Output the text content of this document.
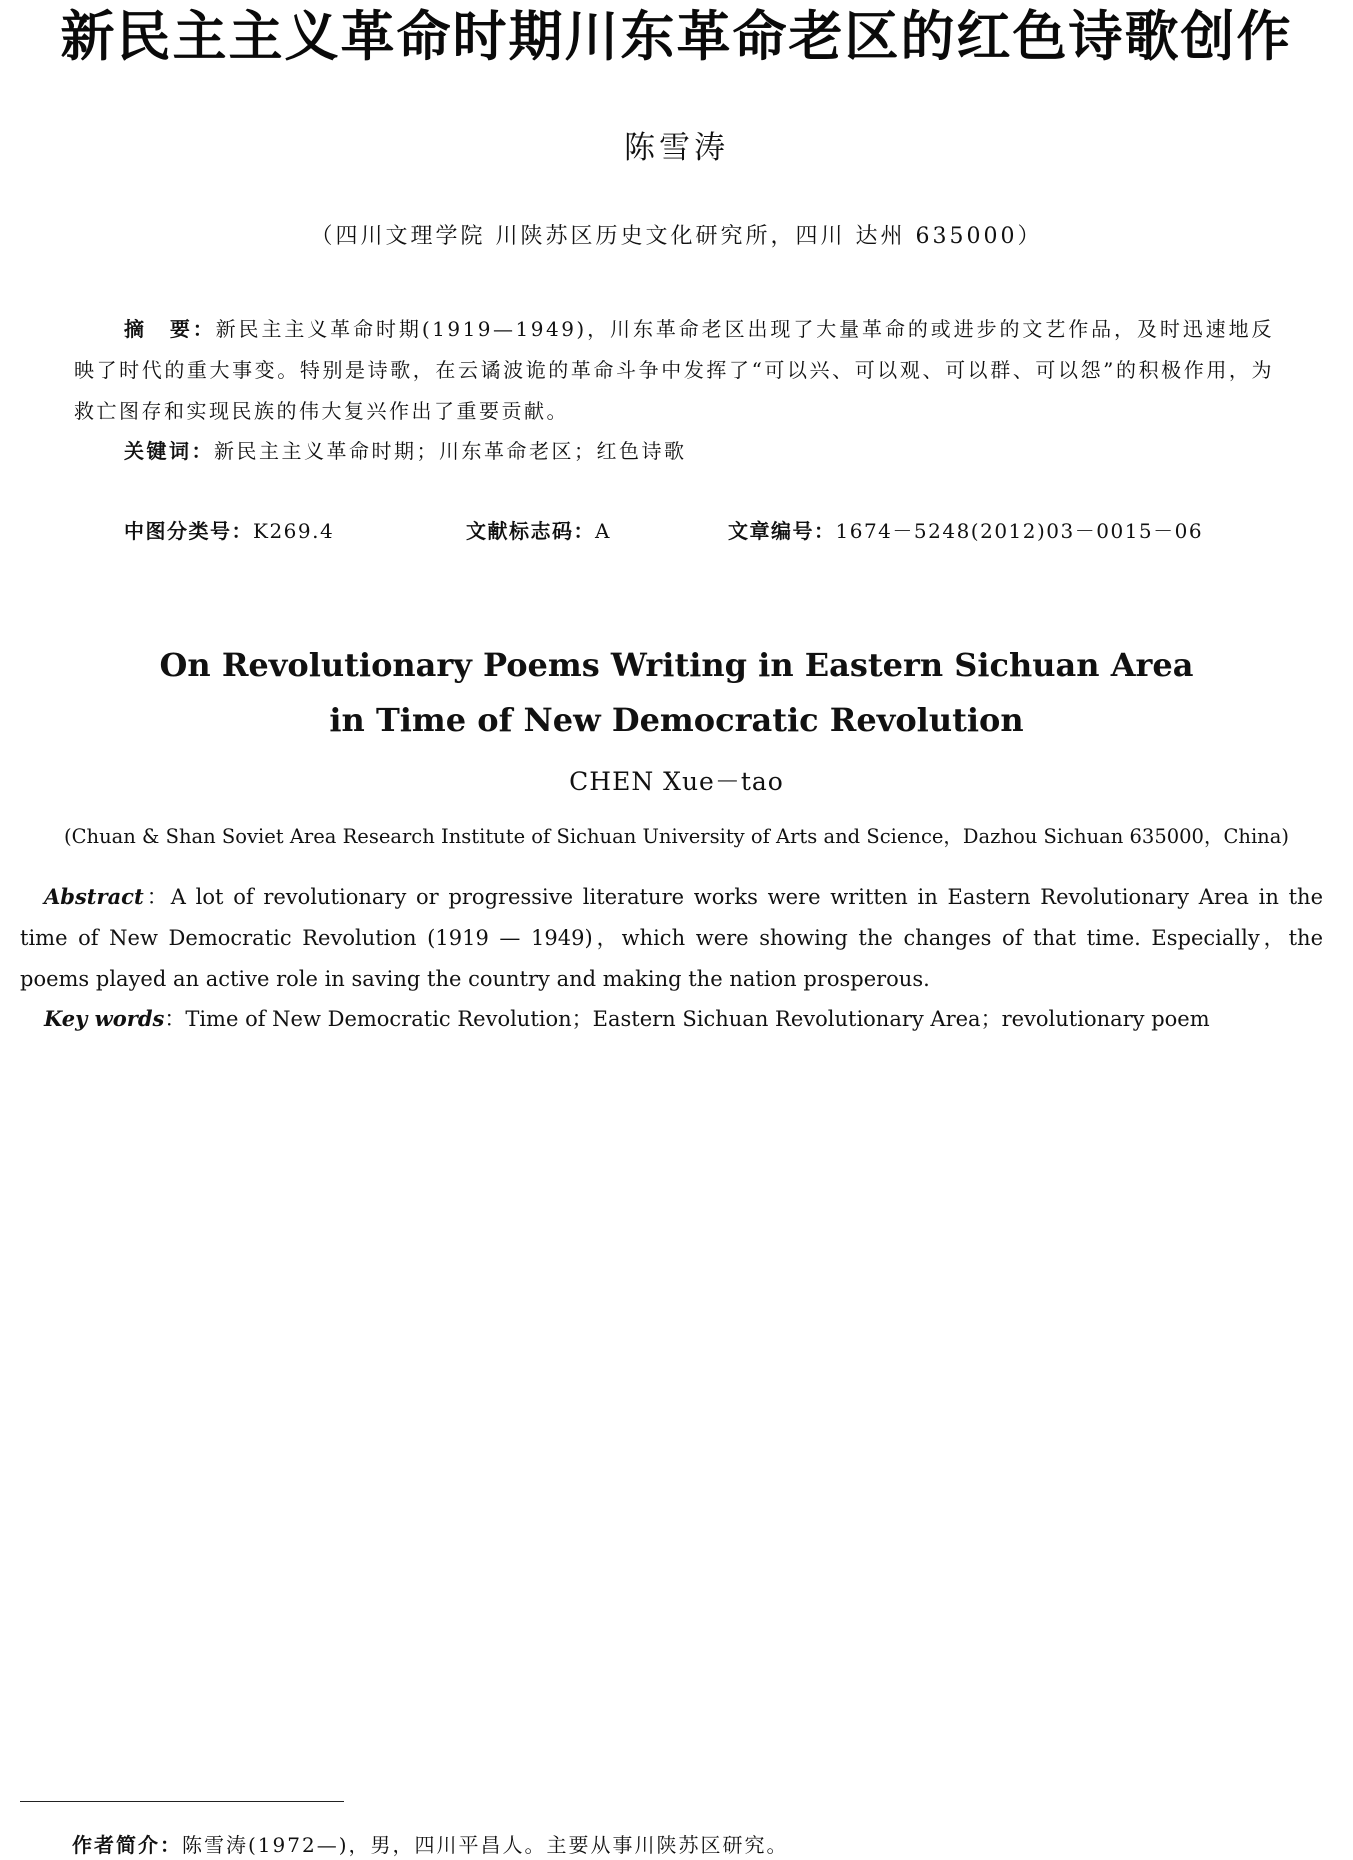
新民主主义革命时期川东革命老区的红色诗歌创作
陈雪涛
（四川文理学院 川陕苏区历史文化研究所，四川 达州 635000）
摘　要：新民主主义革命时期(1919—1949)，川东革命老区出现了大量革命的或进步的文艺作品，及时迅速地反映了时代的重大事变。特别是诗歌，在云谲波诡的革命斗争中发挥了“可以兴、可以观、可以群、可以怨”的积极作用，为救亡图存和实现民族的伟大复兴作出了重要贡献。
关键词：新民主主义革命时期；川东革命老区；红色诗歌
中图分类号：K269.4	文献标志码：A	文章编号：1674－5248(2012)03－0015－06
On Revolutionary Poems Writing in Eastern Sichuan Area
in Time of New Democratic Revolution
CHEN Xue－tao
(Chuan & Shan Soviet Area Research Institute of Sichuan University of Arts and Science，Dazhou Sichuan 635000，China)
Abstract：A lot of revolutionary or progressive literature works were written in Eastern Revolutionary Area in the time of New Democratic Revolution (1919 — 1949)，which were showing the changes of that time. Especially，the poems played an active role in saving the country and making the nation prosperous.
Key words：Time of New Democratic Revolution；Eastern Sichuan Revolutionary Area；revolutionary poem
作者简介：陈雪涛(1972—)，男，四川平昌人。主要从事川陕苏区研究。
